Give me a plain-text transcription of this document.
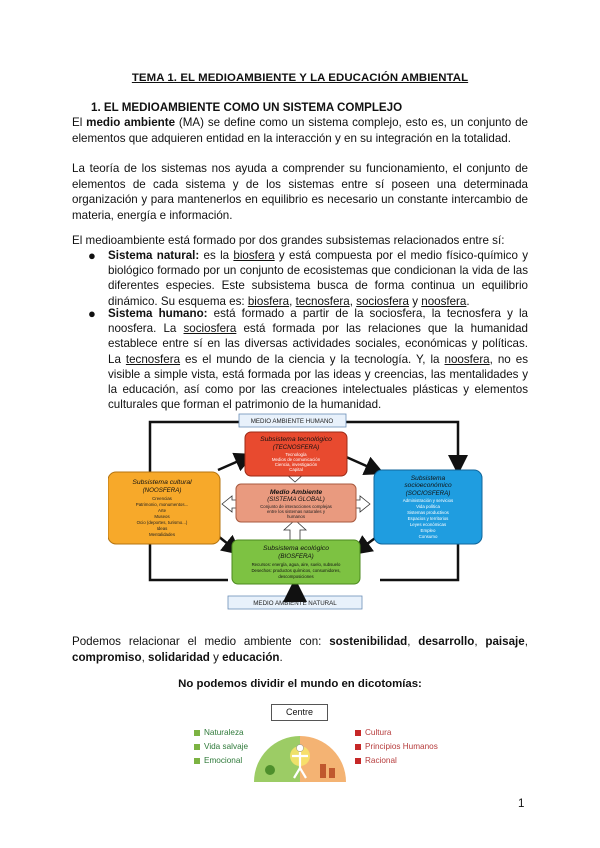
TEMA 1. EL MEDIOAMBIENTE Y LA EDUCACIÓN AMBIENTAL
1. EL MEDIOAMBIENTE COMO UN SISTEMA COMPLEJO
El medio ambiente (MA) se define como un sistema complejo, esto es, un conjunto de elementos que adquieren entidad en la interacción y en su integración en la totalidad.
La teoría de los sistemas nos ayuda a comprender su funcionamiento, el conjunto de elementos de cada sistema y de los sistemas entre sí poseen una determinada organización y para mantenerlos en equilibrio es necesario un constante intercambio de materia, energía e información.
El medioambiente está formado por dos grandes subsistemas relacionados entre sí:
● Sistema natural: es la biosfera y está compuesta por el medio físico-químico y biológico formado por un conjunto de ecosistemas que condicionan la vida de las diferentes especies. Este subsistema busca de forma continua un equilibrio dinámico. Su esquema es: biosfera, tecnosfera, sociosfera y noosfera.
● Sistema humano: está formado a partir de la sociosfera, la tecnosfera y la noosfera. La sociosfera está formada por las relaciones que la humanidad establece entre sí en las diversas actividades sociales, económicas y políticas. La tecnosfera es el mundo de la ciencia y la tecnología. Y, la noosfera, no es visible a simple vista, está formada por las ideas y creencias, las mentalidades y la educación, así como por las creaciones intelectuales plásticas y elementos culturales que forman el patrimonio de la humanidad.
MEDIO AMBIENTE HUMANO
MEDIO AMBIENTE NATURAL
Subsistema tecnológico
(TECNOSFERA)
Tecnología
Medios de comunicación
Ciencia, investigación
Capital
Subsistema cultural
(NOOSFERA)
Creencias
Patrimonio, monumentos...
Arte
Museos
Ocio (deportes, turismo...)
Ideas
Mentalidades
Medio Ambiente
(SISTEMA GLOBAL)
Conjunto de interacciones complejas
entre los sistemas naturales y
humanos
Subsistema
socioeconómico
(SOCIOSFERA)
Administración y servicios
Vida política
Sistemas productivos
Espacios y territorios
Leyes económicas
Empleo
Consumo
Subsistema ecológico
(BIOSFERA)
Recursos: energía, agua, aire, suelo, subsuelo
Desechos: productos químicos, consumidores,
descomposiciones
Podemos relacionar el medio ambiente con: sostenibilidad, desarrollo, paisaje, compromiso, solidaridad y educación.
No podemos dividir el mundo en dicotomías:
Centre
Naturaleza
Vida salvaje
Emocional
Cultura
Principios Humanos
Racional
1
